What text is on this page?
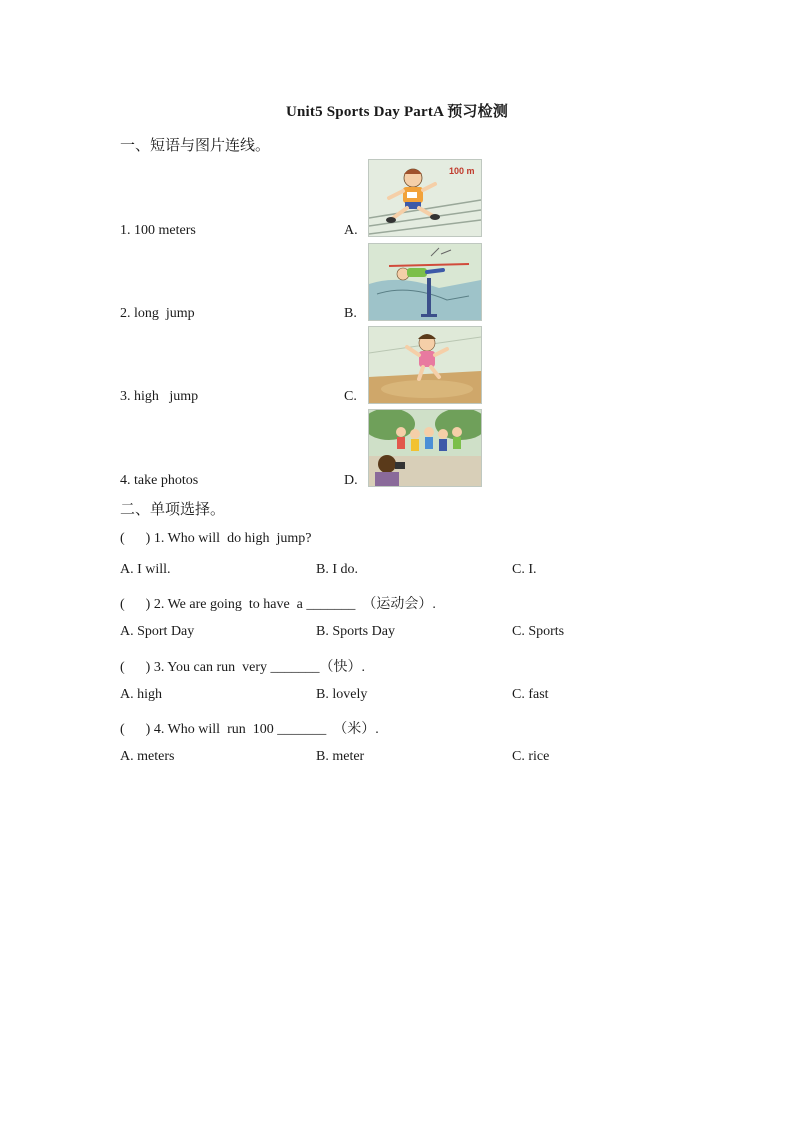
Unit5 Sports Day PartA 预习检测
一、短语与图片连线。
1. 100 meters	A.
2. long  jump	B.
3. high   jump	C.
4. take photos	D.
100 m
二、单项选择。
(      ) 1. Who will  do high  jump?
A. I will.	B. I do.	C. I.
(      ) 2. We are going  to have  a _______  （运动会）.
A. Sport Day	B. Sports Day	C. Sports
(      ) 3. You can run  very _______（快）.
A. high	B. lovely	C. fast
(      ) 4. Who will  run  100 _______  （米）.
A. meters	B. meter	C. rice
